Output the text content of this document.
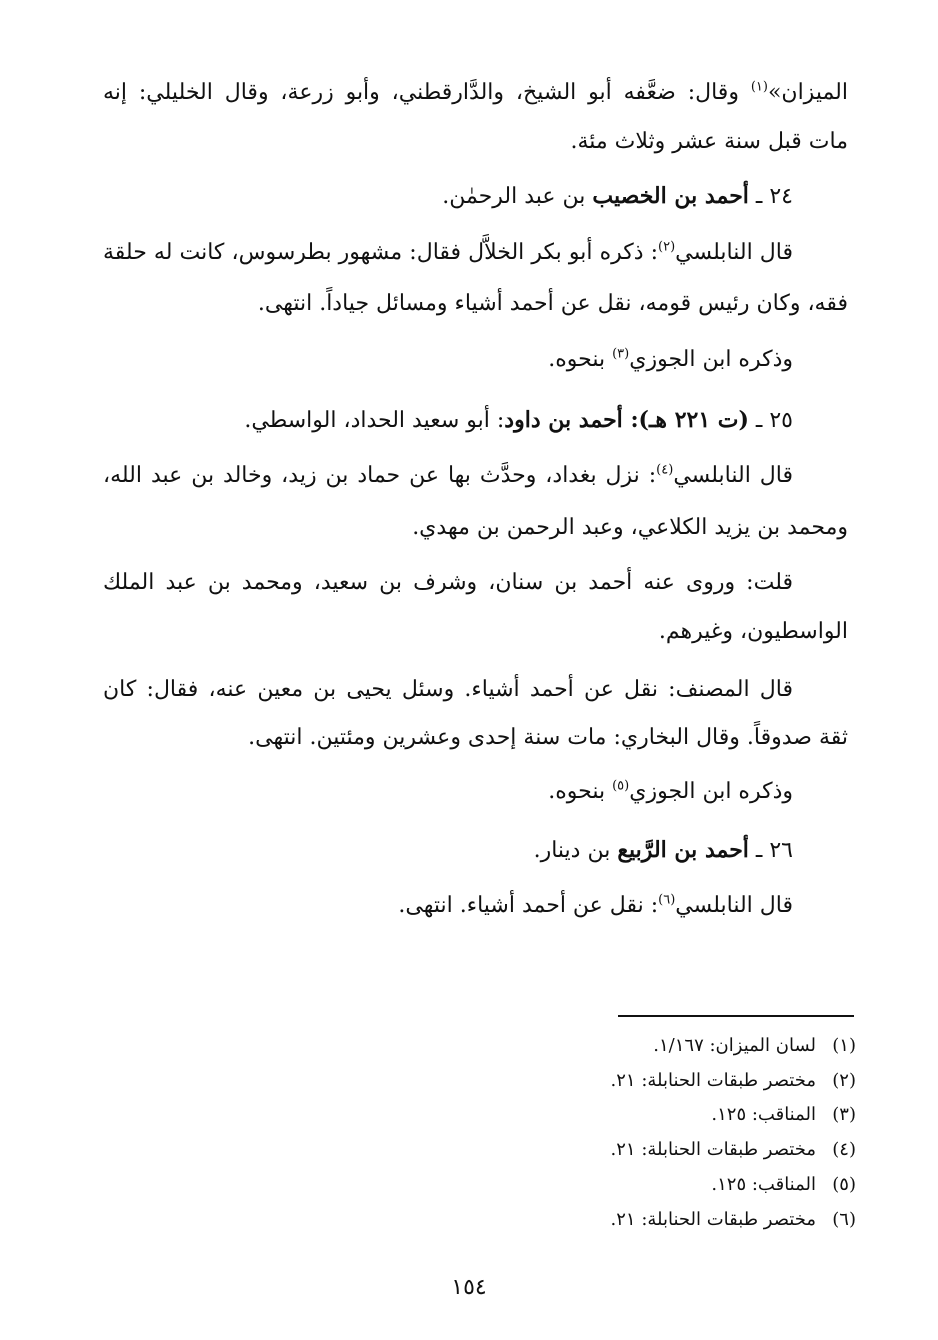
الميزان»$^{(١)}$ وقال: ضعَّفه أبو الشيخ، والدَّارقطني، وأبو زرعة، وقال الخليلي: إنه
مات قبل سنة عشر وثلاث مئة.
٢٤ ـ أحمد بن الخصيب بن عبد الرحمٰن.
قال النابلسي$^{(٢)}$: ذكره أبو بكر الخلاَّل فقال: مشهور بطرسوس، كانت له حلقة
فقه، وكان رئيس قومه، نقل عن أحمد أشياء ومسائل جياداً. انتهى.
وذكره ابن الجوزي$^{(٣)}$ بنحوه.
٢٥ ـ (ت ٢٢١ هـ): أحمد بن داود: أبو سعيد الحداد، الواسطي.
قال النابلسي$^{(٤)}$: نزل بغداد، وحدَّث بها عن حماد بن زيد، وخالد بن عبد الله،
ومحمد بن يزيد الكلاعي، وعبد الرحمن بن مهدي.
قلت: وروى عنه أحمد بن سنان، وشرف بن سعيد، ومحمد بن عبد الملك
الواسطيون، وغيرهم.
قال المصنف: نقل عن أحمد أشياء. وسئل يحيى بن معين عنه، فقال: كان
ثقة صدوقاً. وقال البخاري: مات سنة إحدى وعشرين ومئتين. انتهى.
وذكره ابن الجوزي$^{(٥)}$ بنحوه.
٢٦ ـ أحمد بن الرَّبيع بن دينار.
قال النابلسي$^{(٦)}$: نقل عن أحمد أشياء. انتهى.
(١)لسان الميزان: ١/١٦٧.
(٢)مختصر طبقات الحنابلة: ٢١.
(٣)المناقب: ١٢٥.
(٤)مختصر طبقات الحنابلة: ٢١.
(٥)المناقب: ١٢٥.
(٦)مختصر طبقات الحنابلة: ٢١.
١٥٤
